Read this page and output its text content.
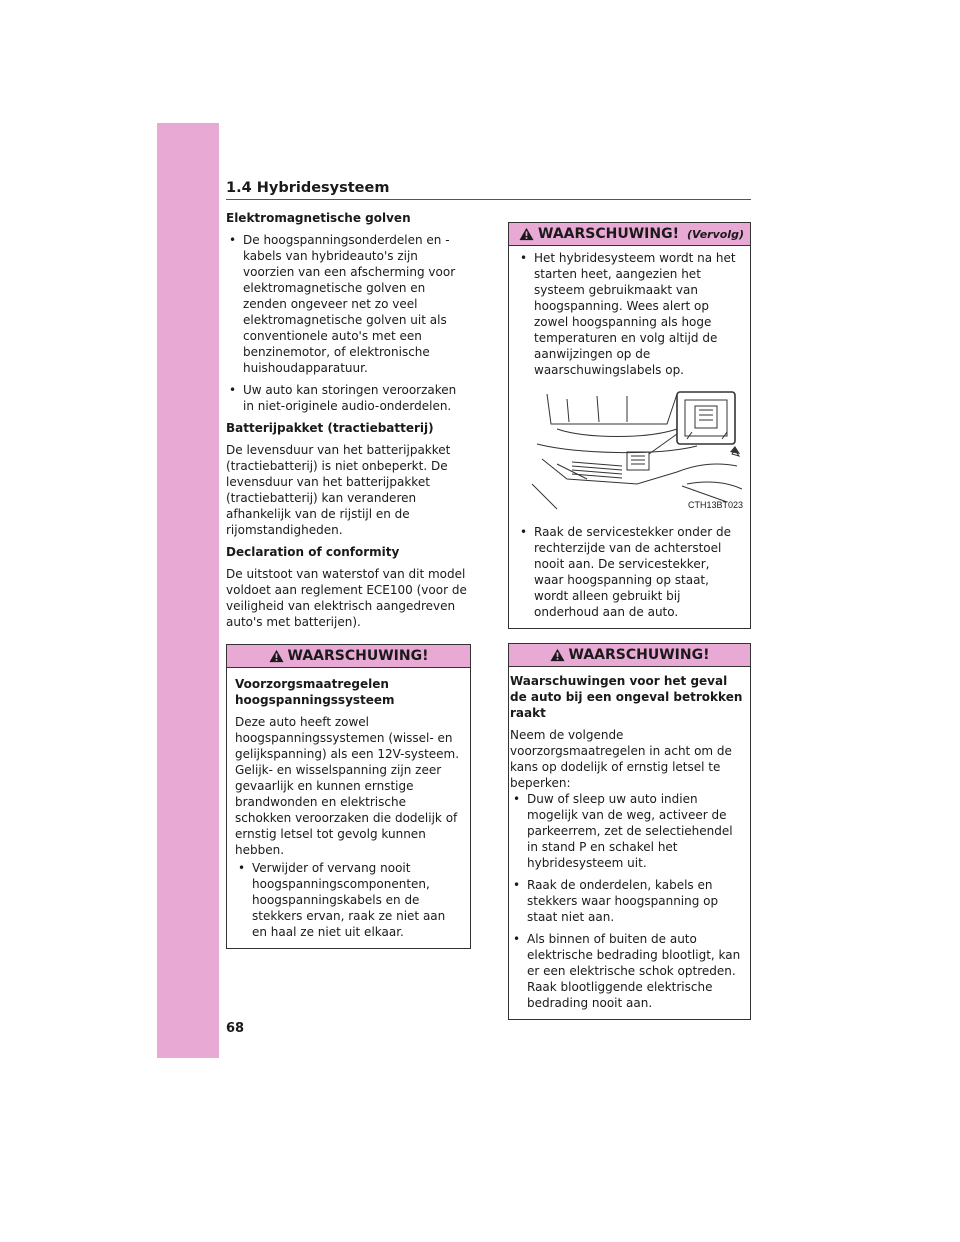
1.4 Hybridesysteem
Elektromagnetische golven
• De hoogspanningsonderdelen en -kabels van hybrideauto's zijn voorzien van een afscherming voor elektromagnetische golven en zenden ongeveer net zo veel elektromagnetische golven uit als conventionele auto's met een benzinemotor, of elektronische huishoudapparatuur.
• Uw auto kan storingen veroorzaken in niet-originele audio-onderdelen.
Batterijpakket (tractiebatterij)
De levensduur van het batterijpakket (tractiebatterij) is niet onbeperkt. De levensduur van het batterijpakket (tractiebatterij) kan veranderen afhankelijk van de rijstijl en de rijomstandigheden.
Declaration of conformity
De uitstoot van waterstof van dit model voldoet aan reglement ECE100 (voor de veiligheid van elektrisch aangedreven auto's met batterijen).
WAARSCHUWING!
Voorzorgsmaatregelen hoogspanningssysteem
Deze auto heeft zowel hoogspanningssystemen (wissel- en gelijkspanning) als een 12V-systeem. Gelijk- en wisselspanning zijn zeer gevaarlijk en kunnen ernstige brandwonden en elektrische schokken veroorzaken die dodelijk of ernstig letsel tot gevolg kunnen hebben.
• Verwijder of vervang nooit hoogspanningscomponenten, hoogspanningskabels en de stekkers ervan, raak ze niet aan en haal ze niet uit elkaar.
WAARSCHUWING! (Vervolg)
• Het hybridesysteem wordt na het starten heet, aangezien het systeem gebruikmaakt van hoogspanning. Wees alert op zowel hoogspanning als hoge temperaturen en volg altijd de aanwijzingen op de waarschuwingslabels op.
CTH13BT023
• Raak de servicestekker onder de rechterzijde van de achterstoel nooit aan. De servicestekker, waar hoogspanning op staat, wordt alleen gebruikt bij onderhoud aan de auto.
WAARSCHUWING!
Waarschuwingen voor het geval de auto bij een ongeval betrokken raakt
Neem de volgende voorzorgsmaatregelen in acht om de kans op dodelijk of ernstig letsel te beperken:
• Duw of sleep uw auto indien mogelijk van de weg, activeer de parkeerrem, zet de selectiehendel in stand P en schakel het hybridesysteem uit.
• Raak de onderdelen, kabels en stekkers waar hoogspanning op staat niet aan.
• Als binnen of buiten de auto elektrische bedrading blootligt, kan er een elektrische schok optreden. Raak blootliggende elektrische bedrading nooit aan.
68
